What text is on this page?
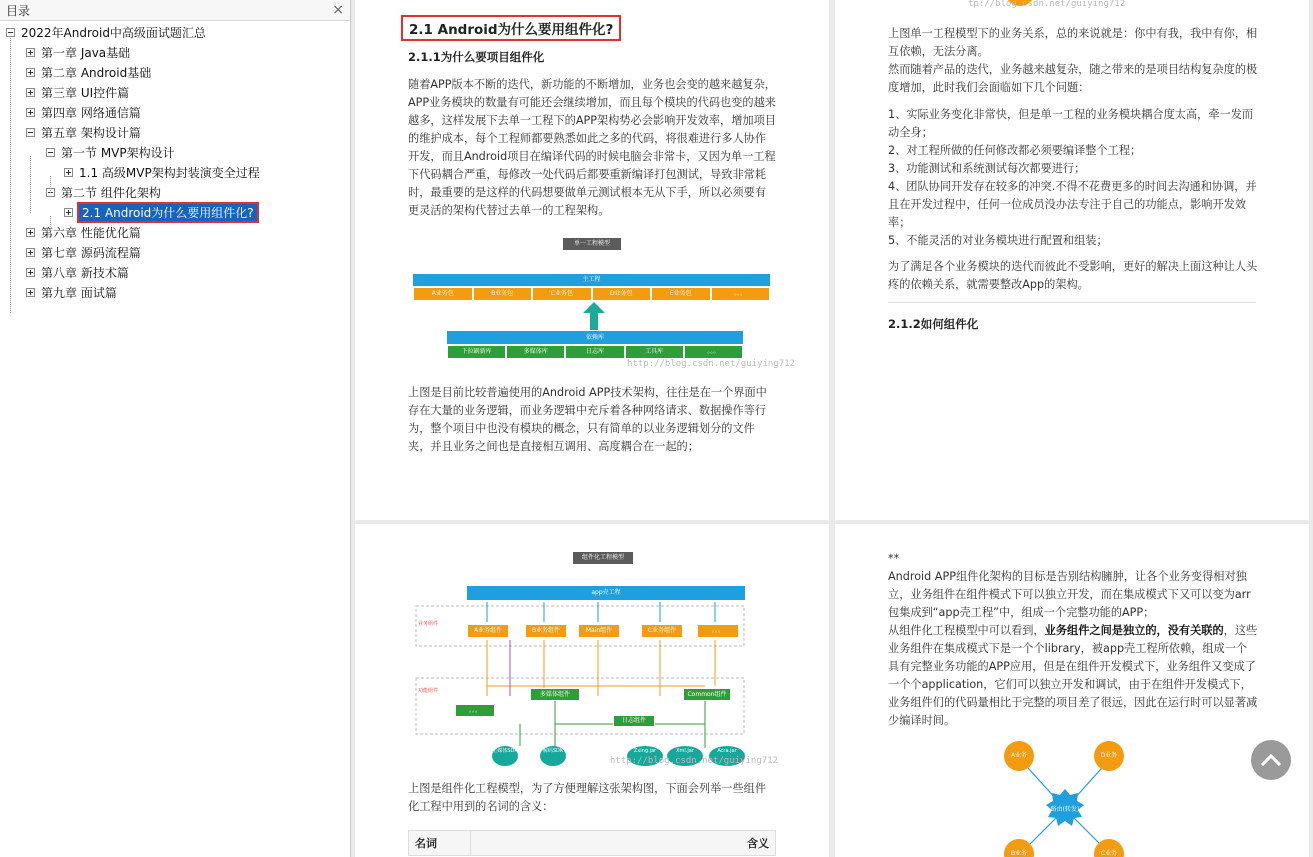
目录	×
2022年Android中高级面试题汇总
第一章 Java基础
第二章 Android基础
第三章 UI控件篇
第四章 网络通信篇
第五章 架构设计篇
第一节 MVP架构设计
1.1 高级MVP架构封装演变全过程
第二节 组件化架构
2.1 Android为什么要用组件化?
第六章 性能优化篇
第七章 源码流程篇
第八章 新技术篇
第九章 面试篇
2.1 Android为什么要用组件化?
2.1.1为什么要项目组件化
随着APP版本不断的迭代，新功能的不断增加，业务也会变的越来越复杂，APP业务模块的数量有可能还会继续增加，而且每个模块的代码也变的越来越多，这样发展下去单一工程下的APP架构势必会影响开发效率，增加项目的维护成本，每个工程师都要熟悉如此之多的代码，将很难进行多人协作开发，而且Android项目在编译代码的时候电脑会非常卡，又因为单一工程下代码耦合严重，每修改一处代码后都要重新编译打包测试，导致非常耗时，最重要的是这样的代码想要做单元测试根本无从下手，所以必须要有更灵活的架构代替过去单一的工程架构。
单一工程模型
主工程
A业务包	B业务包	C业务包	D业务包	E业务包	。。。
依赖库
下拉刷新库	多媒体库	日志库	工具库	。。。
http://blog.csdn.net/guiying712
上图是目前比较普遍使用的Android APP技术架构，往往是在一个界面中存在大量的业务逻辑，而业务逻辑中充斥着各种网络请求、数据操作等行为，整个项目中也没有模块的概念，只有简单的以业务逻辑划分的文件夹，并且业务之间也是直接相互调用、高度耦合在一起的；
tp://blog.csdn.net/guiying712
上图单一工程模型下的业务关系，总的来说就是：你中有我，我中有你，相互依赖，无法分离。
然而随着产品的迭代，业务越来越复杂，随之带来的是项目结构复杂度的极度增加，此时我们会面临如下几个问题：
1、实际业务变化非常快，但是单一工程的业务模块耦合度太高，牵一发而动全身；
2、对工程所做的任何修改都必须要编译整个工程；
3、功能测试和系统测试每次都要进行；
4、团队协同开发存在较多的冲突.不得不花费更多的时间去沟通和协调，并且在开发过程中，任何一位成员没办法专注于自己的功能点，影响开发效率；
5、不能灵活的对业务模块进行配置和组装；
为了满足各个业务模块的迭代而彼此不受影响，更好的解决上面这种让人头疼的依赖关系，就需要整改App的架构。
2.1.2如何组件化
组件化工程模型
app壳工程
业务组件
功能组件
A业务组件	B业务组件	Main组件	C业务组件	。。。
多媒体组件	Common组件
。。。
日志组件
主媒体SDK	解码SDK	Zxing.jar	Xml.jar	Acra.jar
http://blog.csdn.net/guiying712
上图是组件化工程模型，为了方便理解这张架构图，下面会列举一些组件化工程中用到的名词的含义：
名词	含义
**
Android APP组件化架构的目标是告别结构臃肿，让各个业务变得相对独立，业务组件在组件模式下可以独立开发，而在集成模式下又可以变为arr包集成到“app壳工程”中，组成一个完整功能的APP；
从组件化工程模型中可以看到，业务组件之间是独立的，没有关联的，这些业务组件在集成模式下是一个个library，被app壳工程所依赖，组成一个具有完整业务功能的APP应用，但是在组件开发模式下，业务组件又变成了一个个application，它们可以独立开发和调试，由于在组件开发模式下，业务组件们的代码量相比于完整的项目差了很远，因此在运行时可以显著减少编译时间。
路由(转发)
A业务	D业务
B业务	C业务
